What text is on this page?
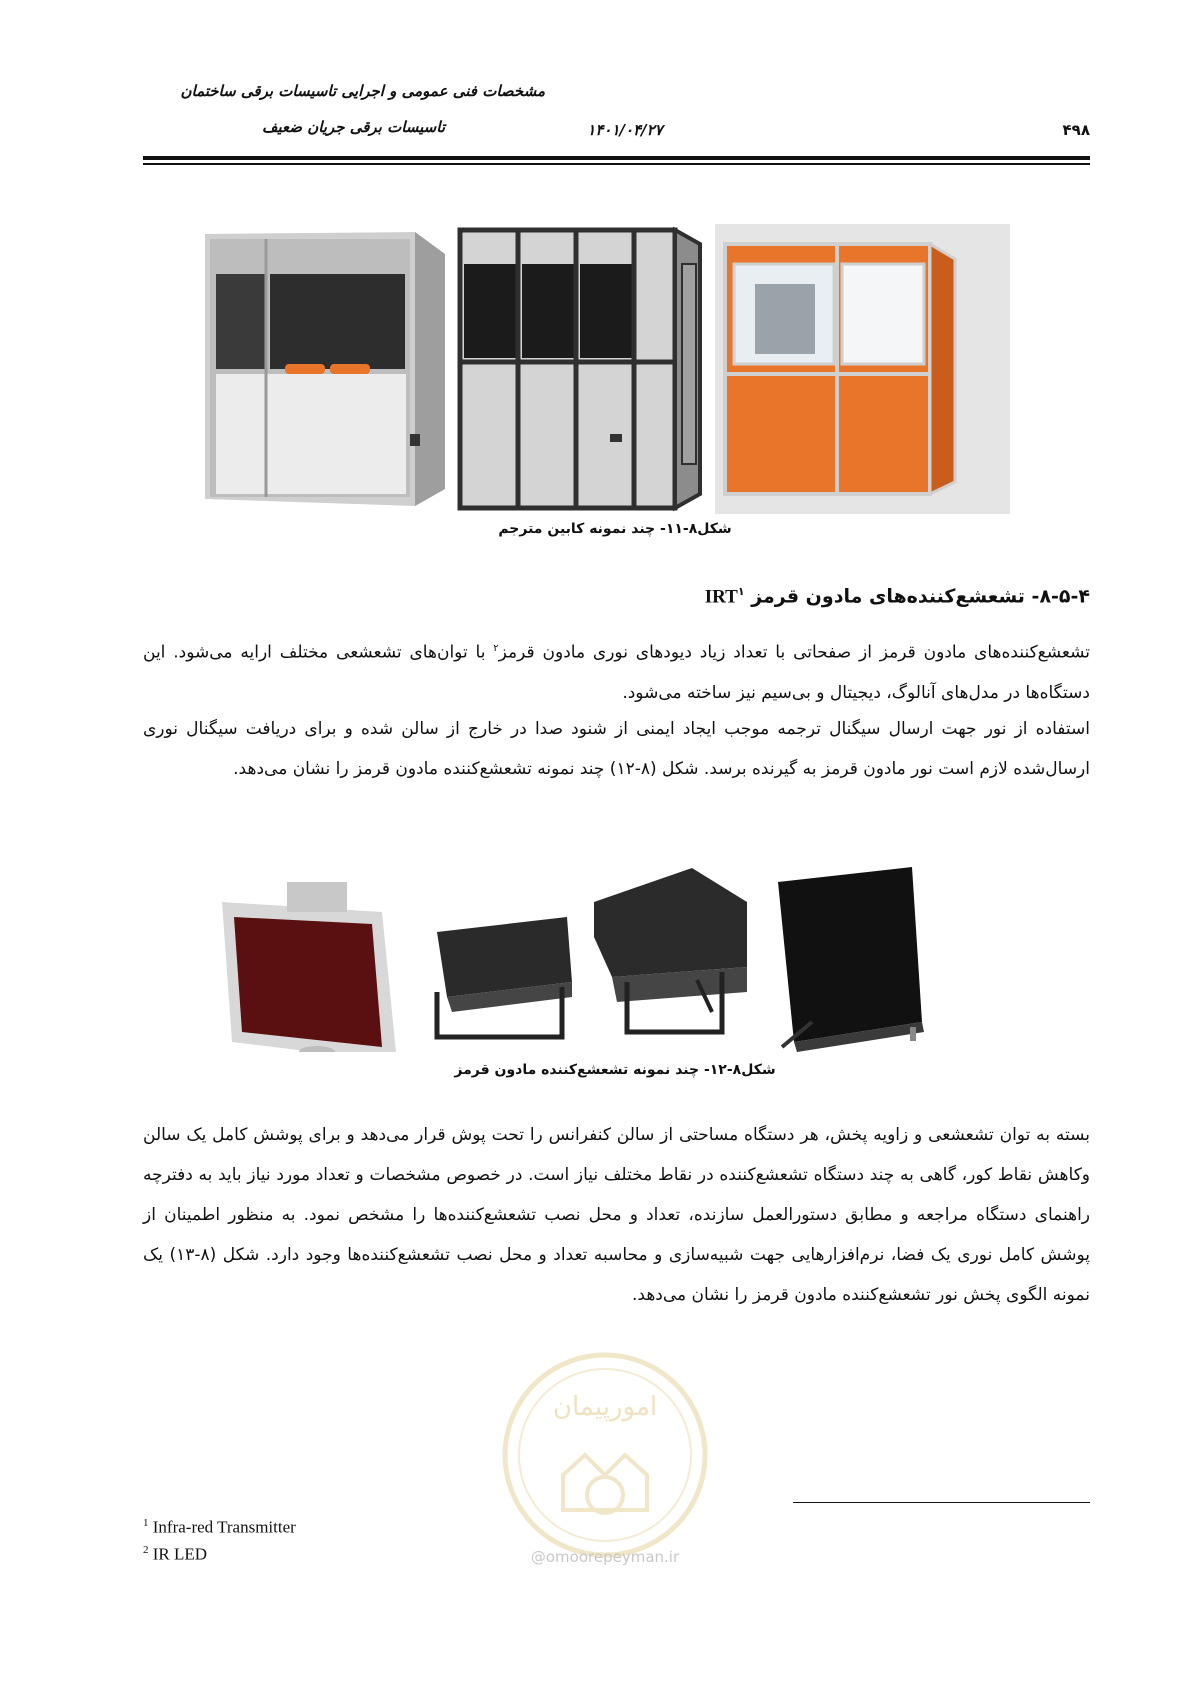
مشخصات فنی عمومی و اجرایی تاسیسات برقی ساختمان
تاسیسات برقی جریان ضعیف	۱۴۰۱/۰۴/۲۷	۴۹۸
شکل۸-۱۱- چند نمونه کابین مترجم
۸-۵-۴- تشعشع‌کننده‌های مادون قرمز IRT$^۱$
تشعشع‌کننده‌های مادون قرمز از صفحاتی با تعداد زیاد دیودهای نوری مادون قرمز$^۲$ با توان‌های تشعشعی مختلف ارایه می‌شود. این دستگاه‌ها در مدل‌های آنالوگ، دیجیتال و بی‌سیم نیز ساخته می‌شود.
استفاده از نور جهت ارسال سیگنال ترجمه موجب ایجاد ایمنی از شنود صدا در خارج از سالن شده و برای دریافت سیگنال نوری ارسال‌شده لازم است نور مادون قرمز به گیرنده برسد. شکل (۸-۱۲) چند نمونه تشعشع‌کننده مادون قرمز را نشان می‌دهد.
شکل۸-۱۲- چند نمونه تشعشع‌کننده مادون قرمز
بسته به توان تشعشعی و زاویه پخش، هر دستگاه مساحتی از سالن کنفرانس را تحت پوش قرار می‌دهد و برای پوشش کامل یک سالن وکاهش نقاط کور، گاهی به چند دستگاه تشعشع‌کننده در نقاط مختلف نیاز است. در خصوص مشخصات و تعداد مورد نیاز باید به دفترچه راهنمای دستگاه مراجعه و مطابق دستورالعمل سازنده، تعداد و محل نصب تشعشع‌کننده‌ها را مشخص نمود. به منظور اطمینان از پوشش کامل نوری یک فضا، نرم‌افزارهایی جهت شبیه‌سازی و محاسبه تعداد و محل نصب تشعشع‌کننده‌ها وجود دارد. شکل (۸-۱۳) یک نمونه الگوی پخش نور تشعشع‌کننده مادون قرمز را نشان می‌دهد.
امورپیمان
@omoorepeyman.ir
$^1$ Infra-red Transmitter
$^2$ IR LED
